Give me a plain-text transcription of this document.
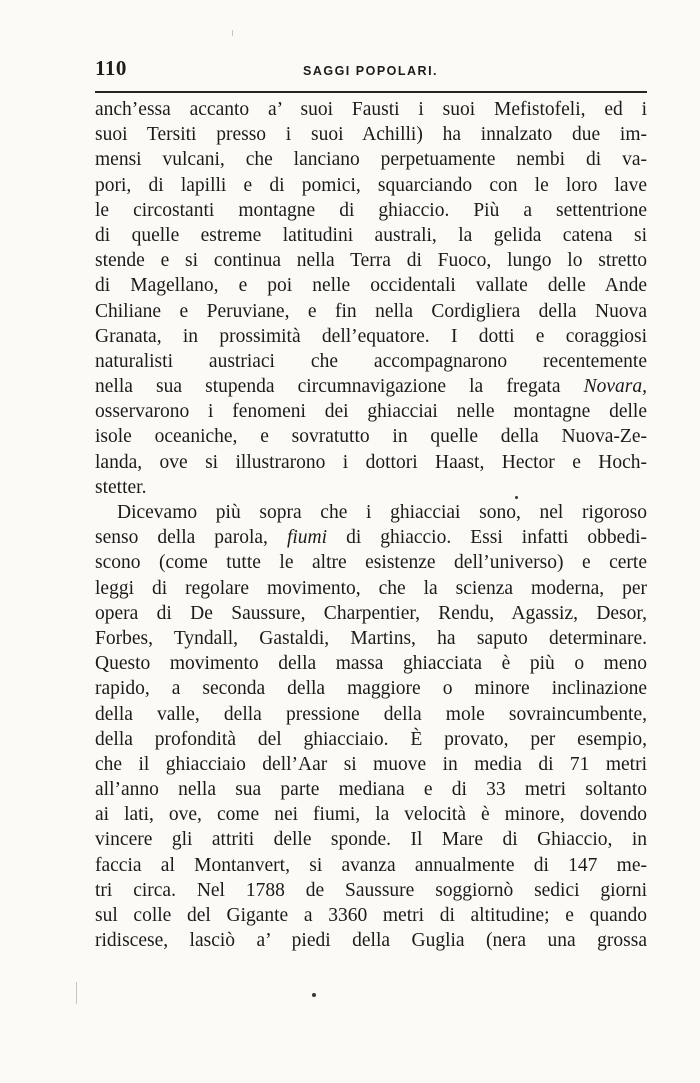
110	SAGGI POPOLARI.
anch’essa accanto a’ suoi Fausti i suoi Mefistofeli, ed i
suoi Tersiti presso i suoi Achilli) ha innalzato due im-
mensi vulcani, che lanciano perpetuamente nembi di va-
pori, di lapilli e di pomici, squarciando con le loro lave
le circostanti montagne di ghiaccio. Più a settentrione
di quelle estreme latitudini australi, la gelida catena si
stende e si continua nella Terra di Fuoco, lungo lo stretto
di Magellano, e poi nelle occidentali vallate delle Ande
Chiliane e Peruviane, e fin nella Cordigliera della Nuova
Granata, in prossimità dell’equatore. I dotti e coraggiosi
naturalisti austriaci che accompagnarono recentemente
nella sua stupenda circumnavigazione la fregata Novara,
osservarono i fenomeni dei ghiacciai nelle montagne delle
isole oceaniche, e sovratutto in quelle della Nuova-Ze-
landa, ove si illustrarono i dottori Haast, Hector e Hoch-
stetter.
Dicevamo più sopra che i ghiacciai sono, nel rigoroso
senso della parola, fiumi di ghiaccio. Essi infatti obbedi-
scono (come tutte le altre esistenze dell’universo) e certe
leggi di regolare movimento, che la scienza moderna, per
opera di De Saussure, Charpentier, Rendu, Agassiz, Desor,
Forbes, Tyndall, Gastaldi, Martins, ha saputo determinare.
Questo movimento della massa ghiacciata è più o meno
rapido, a seconda della maggiore o minore inclinazione
della valle, della pressione della mole sovraincumbente,
della profondità del ghiacciaio. È provato, per esempio,
che il ghiacciaio dell’Aar si muove in media di 71 metri
all’anno nella sua parte mediana e di 33 metri soltanto
ai lati, ove, come nei fiumi, la velocità è minore, dovendo
vincere gli attriti delle sponde. Il Mare di Ghiaccio, in
faccia al Montanvert, si avanza annualmente di 147 me-
tri circa. Nel 1788 de Saussure soggiornò sedici giorni
sul colle del Gigante a 3360 metri di altitudine; e quando
ridiscese, lasciò a’ piedi della Guglia (nera una grossa
